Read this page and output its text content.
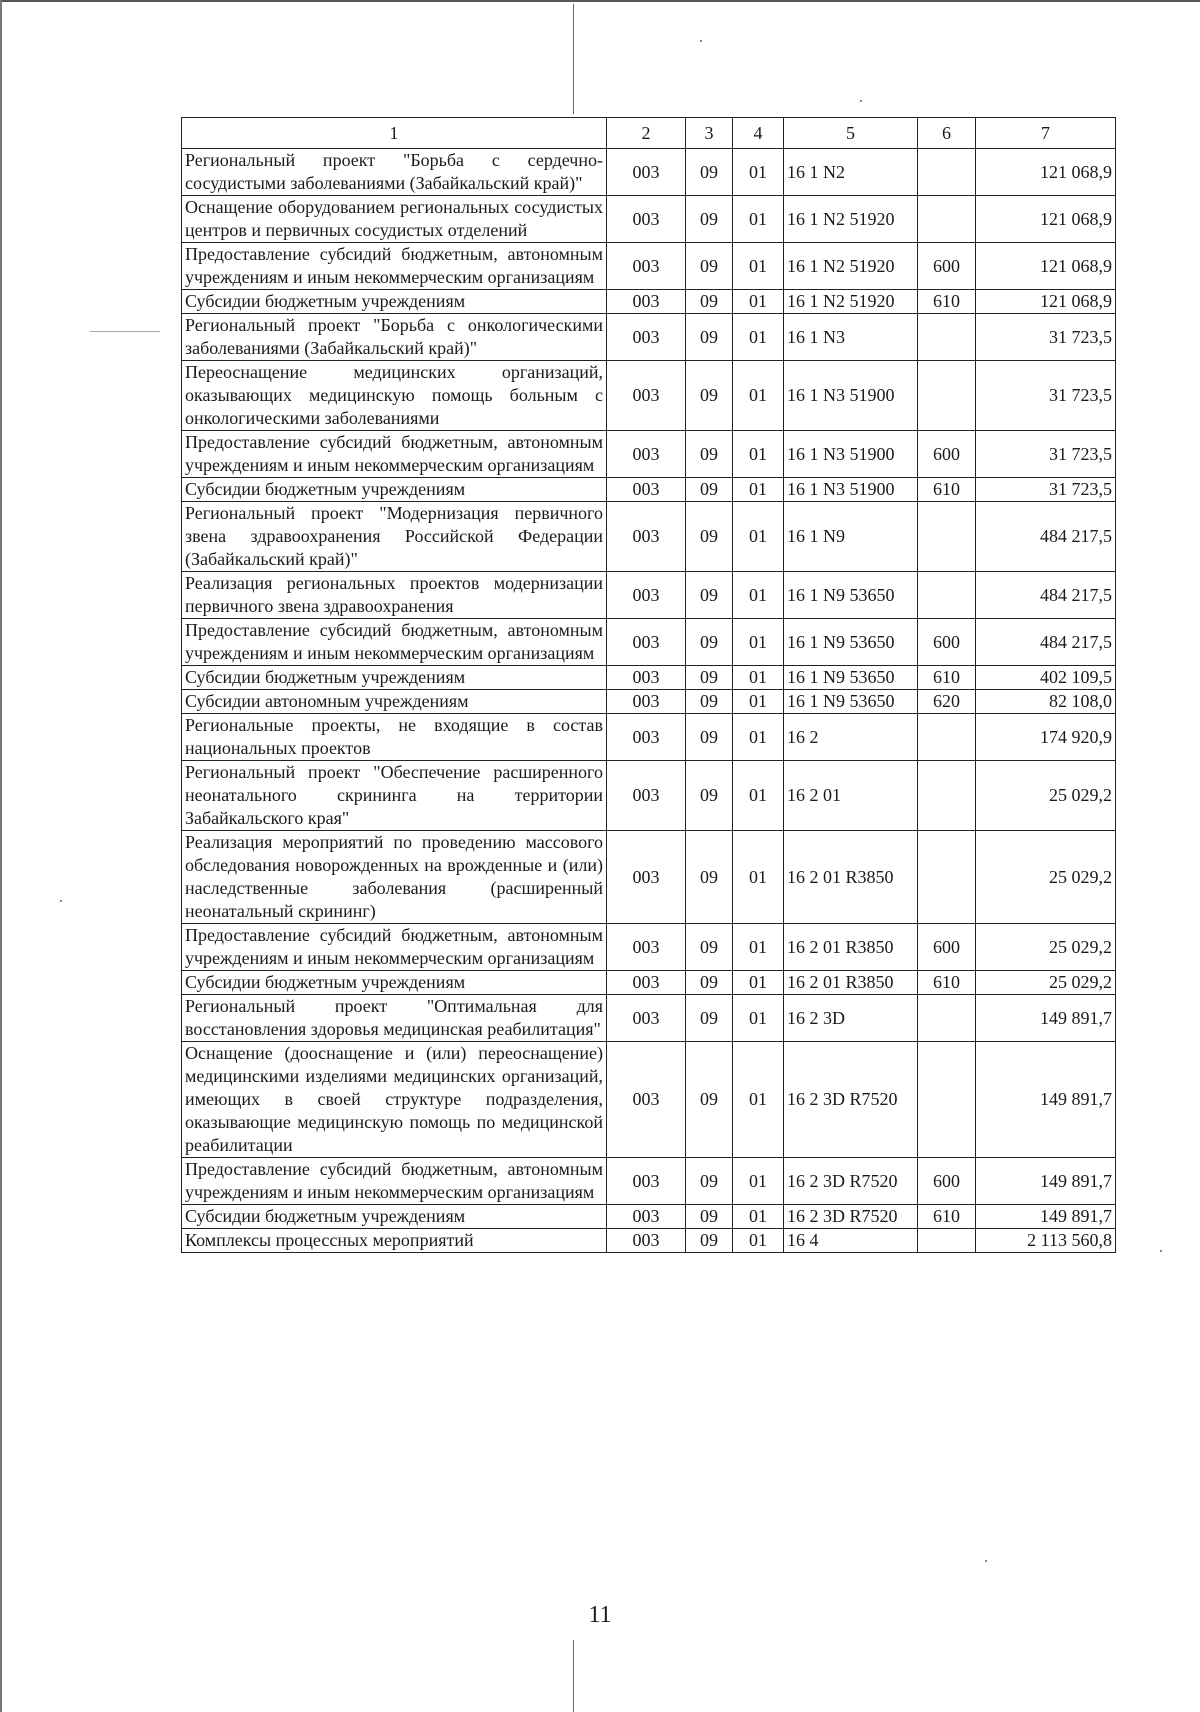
1	2	3	4	5	6	7
Региональный проект "Борьба с сердечно-сосудистыми заболеваниями (Забайкальский край)"	003	09	01	16 1 N2		121 068,9
Оснащение оборудованием региональных сосудистых центров и первичных сосудистых отделений	003	09	01	16 1 N2 51920		121 068,9
Предоставление субсидий бюджетным, автономным учреждениям и иным некоммерческим организациям	003	09	01	16 1 N2 51920	600	121 068,9
Субсидии бюджетным учреждениям	003	09	01	16 1 N2 51920	610	121 068,9
Региональный проект "Борьба с онкологическими заболеваниями (Забайкальский край)"	003	09	01	16 1 N3		31 723,5
Переоснащение медицинских организаций, оказывающих медицинскую помощь больным с онкологическими заболеваниями	003	09	01	16 1 N3 51900		31 723,5
Предоставление субсидий бюджетным, автономным учреждениям и иным некоммерческим организациям	003	09	01	16 1 N3 51900	600	31 723,5
Субсидии бюджетным учреждениям	003	09	01	16 1 N3 51900	610	31 723,5
Региональный проект "Модернизация первичного звена здравоохранения Российской Федерации (Забайкальский край)"	003	09	01	16 1 N9		484 217,5
Реализация региональных проектов модернизации первичного звена здравоохранения	003	09	01	16 1 N9 53650		484 217,5
Предоставление субсидий бюджетным, автономным учреждениям и иным некоммерческим организациям	003	09	01	16 1 N9 53650	600	484 217,5
Субсидии бюджетным учреждениям	003	09	01	16 1 N9 53650	610	402 109,5
Субсидии автономным учреждениям	003	09	01	16 1 N9 53650	620	82 108,0
Региональные проекты, не входящие в состав национальных проектов	003	09	01	16 2		174 920,9
Региональный проект "Обеспечение расширенного неонатального скрининга на территории Забайкальского края"	003	09	01	16 2 01		25 029,2
Реализация мероприятий по проведению массового обследования новорожденных на врожденные и (или) наследственные заболевания (расширенный неонатальный скрининг)	003	09	01	16 2 01 R3850		25 029,2
Предоставление субсидий бюджетным, автономным учреждениям и иным некоммерческим организациям	003	09	01	16 2 01 R3850	600	25 029,2
Субсидии бюджетным учреждениям	003	09	01	16 2 01 R3850	610	25 029,2
Региональный проект "Оптимальная для восстановления здоровья медицинская реабилитация"	003	09	01	16 2 3D		149 891,7
Оснащение (дооснащение и (или) переоснащение) медицинскими изделиями медицинских организаций, имеющих в своей структуре подразделения, оказывающие медицинскую помощь по медицинской реабилитации	003	09	01	16 2 3D R7520		149 891,7
Предоставление субсидий бюджетным, автономным учреждениям и иным некоммерческим организациям	003	09	01	16 2 3D R7520	600	149 891,7
Субсидии бюджетным учреждениям	003	09	01	16 2 3D R7520	610	149 891,7
Комплексы процессных мероприятий	003	09	01	16 4		2 113 560,8
11
